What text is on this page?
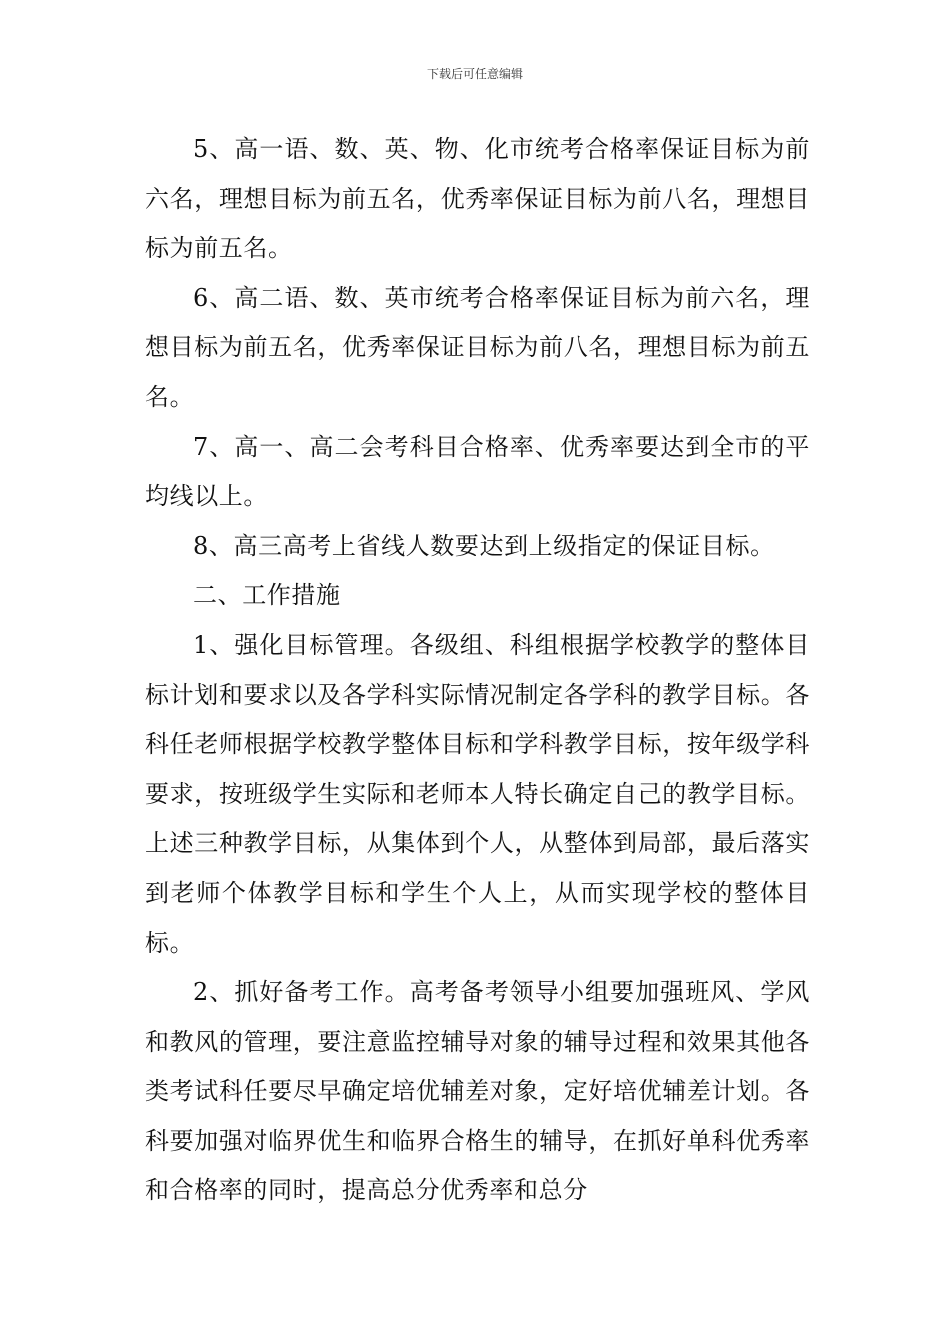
下载后可任意编辑

5、高一语、数、英、物、化市统考合格率保证目标为前六名，理想目标为前五名，优秀率保证目标为前八名，理想目标为前五名。

6、高二语、数、英市统考合格率保证目标为前六名，理想目标为前五名，优秀率保证目标为前八名，理想目标为前五名。

7、高一、高二会考科目合格率、优秀率要达到全市的平均线以上。

8、高三高考上省线人数要达到上级指定的保证目标。

二、工作措施

1、强化目标管理。各级组、科组根据学校教学的整体目标计划和要求以及各学科实际情况制定各学科的教学目标。各科任老师根据学校教学整体目标和学科教学目标，按年级学科要求，按班级学生实际和老师本人特长确定自己的教学目标。上述三种教学目标，从集体到个人，从整体到局部，最后落实到老师个体教学目标和学生个人上，从而实现学校的整体目标。

2、抓好备考工作。高考备考领导小组要加强班风、学风和教风的管理，要注意监控辅导对象的辅导过程和效果其他各类考试科任要尽早确定培优辅差对象，定好培优辅差计划。各科要加强对临界优生和临界合格生的辅导，在抓好单科优秀率和合格率的同时，提高总分优秀率和总分
